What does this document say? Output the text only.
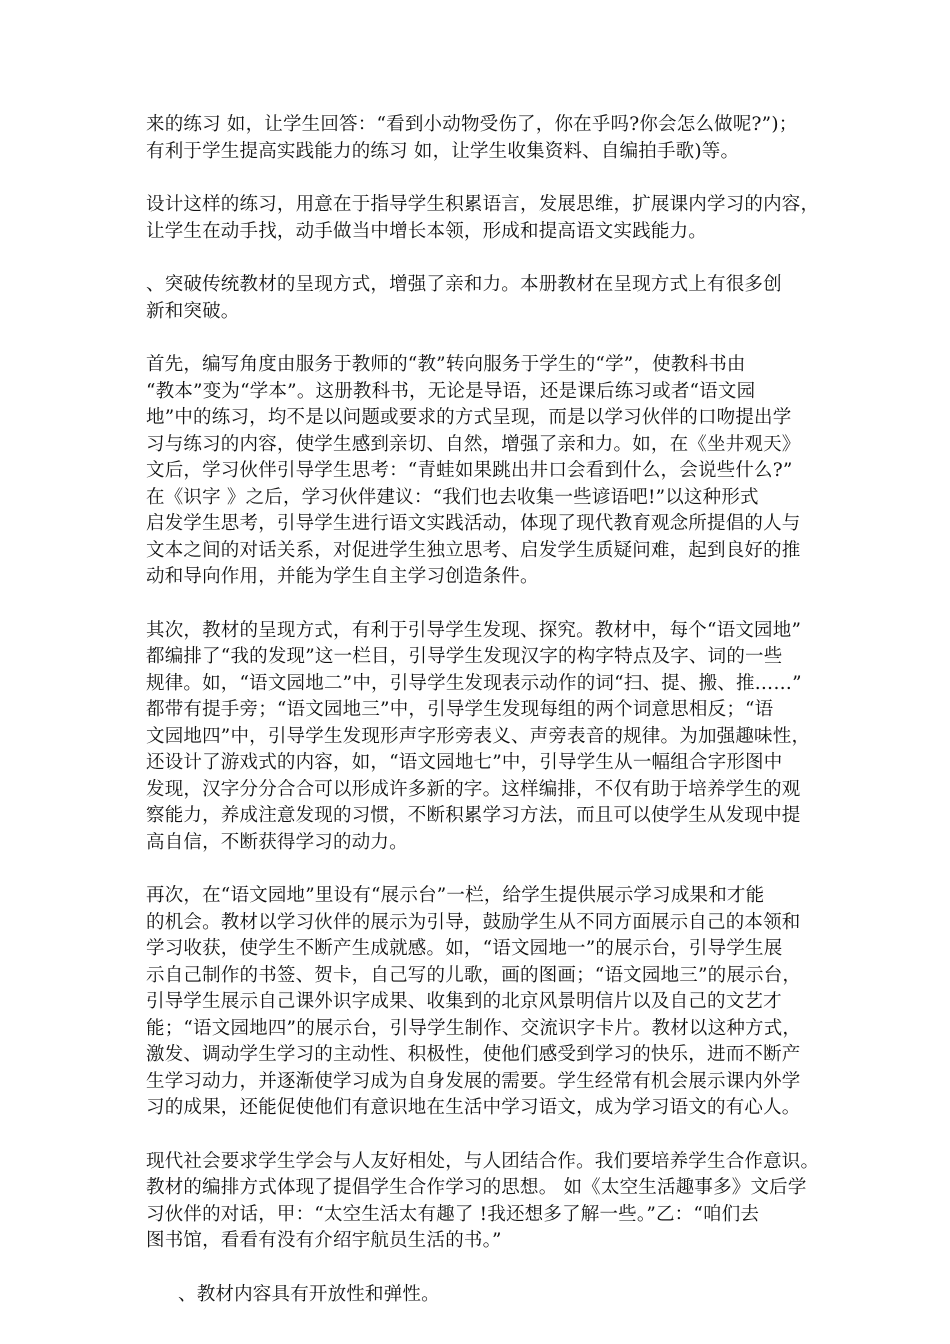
来的练习 如，让学生回答：“看到小动物受伤了，你在乎吗?你会怎么做呢?”)；
有利于学生提高实践能力的练习 如，让学生收集资料、自编拍手歌)等。

设计这样的练习，用意在于指导学生积累语言，发展思维，扩展课内学习的内容，
让学生在动手找，动手做当中增长本领，形成和提高语文实践能力。

、突破传统教材的呈现方式，增强了亲和力。本册教材在呈现方式上有很多创
新和突破。

首先，编写角度由服务于教师的“教”转向服务于学生的“学”，使教科书由
“教本”变为“学本”。这册教科书，无论是导语，还是课后练习或者“语文园
地”中的练习，均不是以问题或要求的方式呈现，而是以学习伙伴的口吻提出学
习与练习的内容，使学生感到亲切、自然，增强了亲和力。如，在《坐井观天》
文后，学习伙伴引导学生思考：“青蛙如果跳出井口会看到什么，会说些什么?”
在《识字 》之后，学习伙伴建议：“我们也去收集一些谚语吧!”以这种形式
启发学生思考，引导学生进行语文实践活动，体现了现代教育观念所提倡的人与
文本之间的对话关系，对促进学生独立思考、启发学生质疑问难，起到良好的推
动和导向作用，并能为学生自主学习创造条件。

其次，教材的呈现方式，有利于引导学生发现、探究。教材中，每个“语文园地”
都编排了“我的发现”这一栏目，引导学生发现汉字的构字特点及字、词的一些
规律。如，“语文园地二”中，引导学生发现表示动作的词“扫、提、搬、推……”
都带有提手旁；“语文园地三”中，引导学生发现每组的两个词意思相反；“语
文园地四”中，引导学生发现形声字形旁表义、声旁表音的规律。为加强趣味性，
还设计了游戏式的内容，如，“语文园地七”中，引导学生从一幅组合字形图中
发现，汉字分分合合可以形成许多新的字。这样编排，不仅有助于培养学生的观
察能力，养成注意发现的习惯，不断积累学习方法，而且可以使学生从发现中提
高自信，不断获得学习的动力。

再次，在“语文园地”里设有“展示台”一栏，给学生提供展示学习成果和才能
的机会。教材以学习伙伴的展示为引导，鼓励学生从不同方面展示自己的本领和
学习收获，使学生不断产生成就感。如，“语文园地一”的展示台，引导学生展
示自己制作的书签、贺卡，自己写的儿歌，画的图画；“语文园地三”的展示台，
引导学生展示自己课外识字成果、收集到的北京风景明信片以及自己的文艺才
能；“语文园地四”的展示台，引导学生制作、交流识字卡片。教材以这种方式，
激发、调动学生学习的主动性、积极性，使他们感受到学习的快乐，进而不断产
生学习动力，并逐渐使学习成为自身发展的需要。学生经常有机会展示课内外学
习的成果，还能促使他们有意识地在生活中学习语文，成为学习语文的有心人。

现代社会要求学生学会与人友好相处，与人团结合作。我们要培养学生合作意识。
教材的编排方式体现了提倡学生合作学习的思想。 如《太空生活趣事多》文后学
习伙伴的对话，甲：“太空生活太有趣了 !我还想多了解一些。”乙：“咱们去
图书馆，看看有没有介绍宇航员生活的书。”

、教材内容具有开放性和弹性。
